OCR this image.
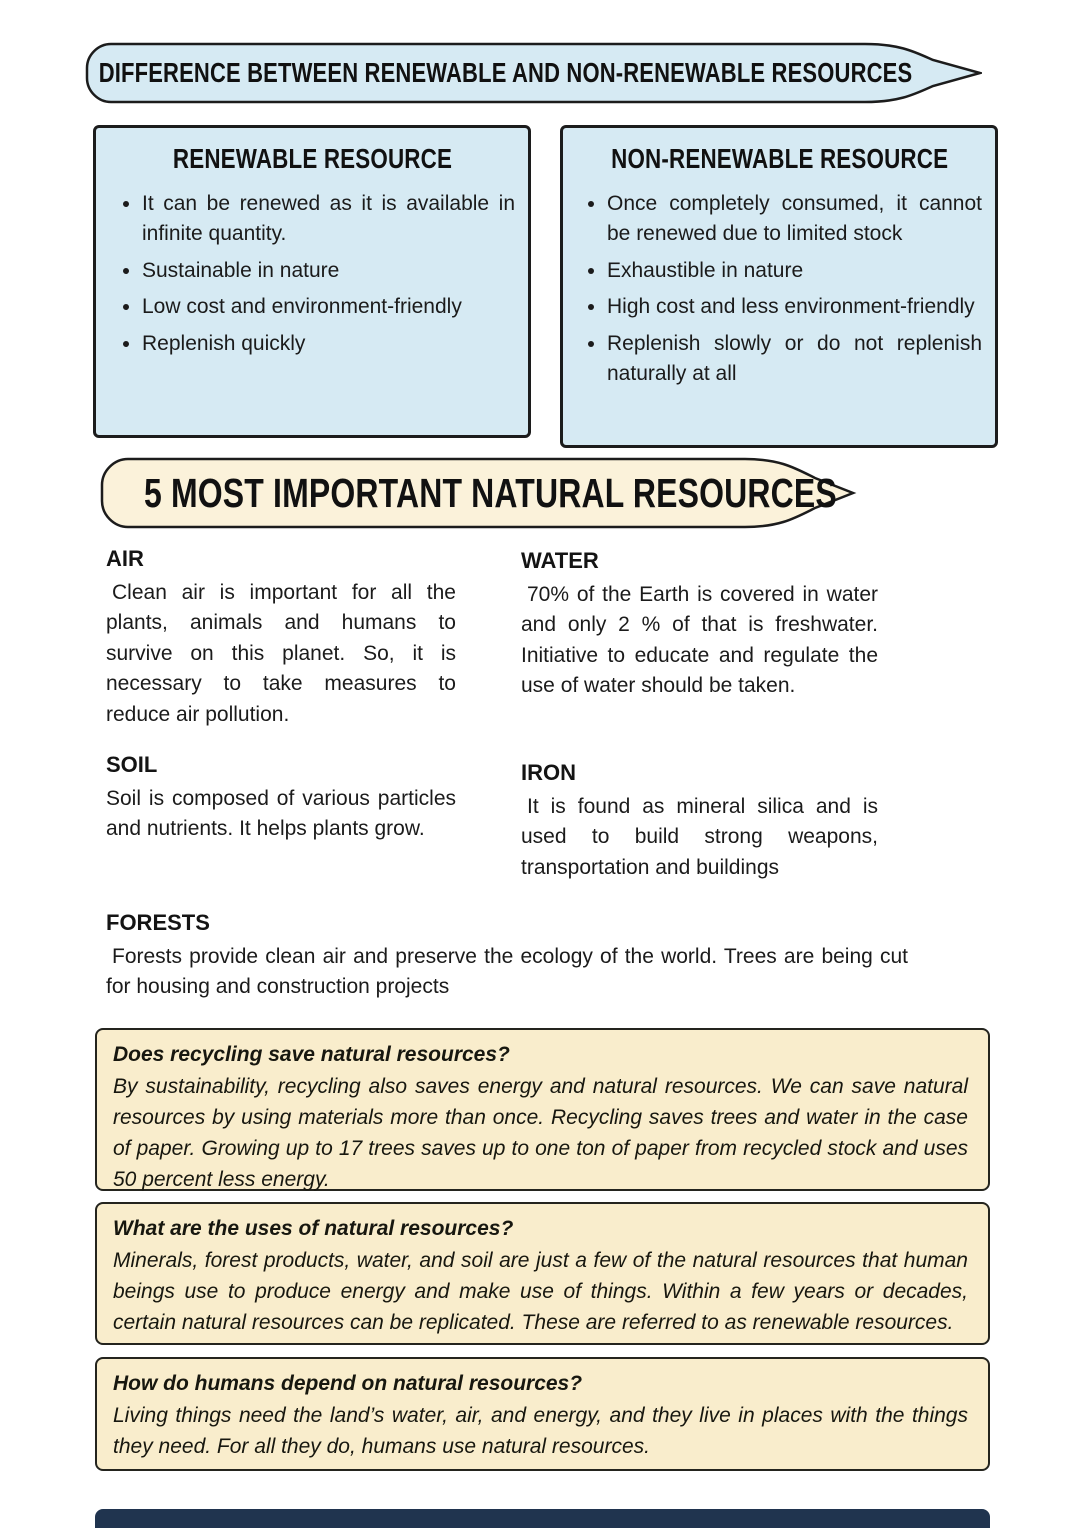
DIFFERENCE BETWEEN RENEWABLE AND NON-RENEWABLE RESOURCES
RENEWABLE RESOURCE
• It can be renewed as it is available in infinite quantity.
• Sustainable in nature
• Low cost and environment-friendly
• Replenish quickly
NON-RENEWABLE RESOURCE
• Once completely consumed, it cannot be renewed due to limited stock
• Exhaustible in nature
• High cost and less environment-friendly
• Replenish slowly or do not replenish naturally at all
5 MOST IMPORTANT NATURAL RESOURCES
AIR

Clean air is important for all the plants, animals and humans to survive on this planet. So, it is necessary to take measures to reduce air pollution.

WATER

70% of the Earth is covered in water and only 2 % of that is freshwater. Initiative to educate and regulate the use of water should be taken.

SOIL

Soil is composed of various particles and nutrients. It helps plants grow.

IRON

It is found as mineral silica and is used to build strong weapons, transportation and buildings

FORESTS

Forests provide clean air and preserve the ecology of the world. Trees are being cut for housing and construction projects

Does recycling save natural resources?

By sustainability, recycling also saves energy and natural resources. We can save natural resources by using materials more than once. Recycling saves trees and water in the case of paper. Growing up to 17 trees saves up to one ton of paper from recycled stock and uses 50 percent less energy.

What are the uses of natural resources?

Minerals, forest products, water, and soil are just a few of the natural resources that human beings use to produce energy and make use of things. Within a few years or decades, certain natural resources can be replicated. These are referred to as renewable resources.

How do humans depend on natural resources?

Living things need the land’s water, air, and energy, and they live in places with the things they need. For all they do, humans use natural resources.
